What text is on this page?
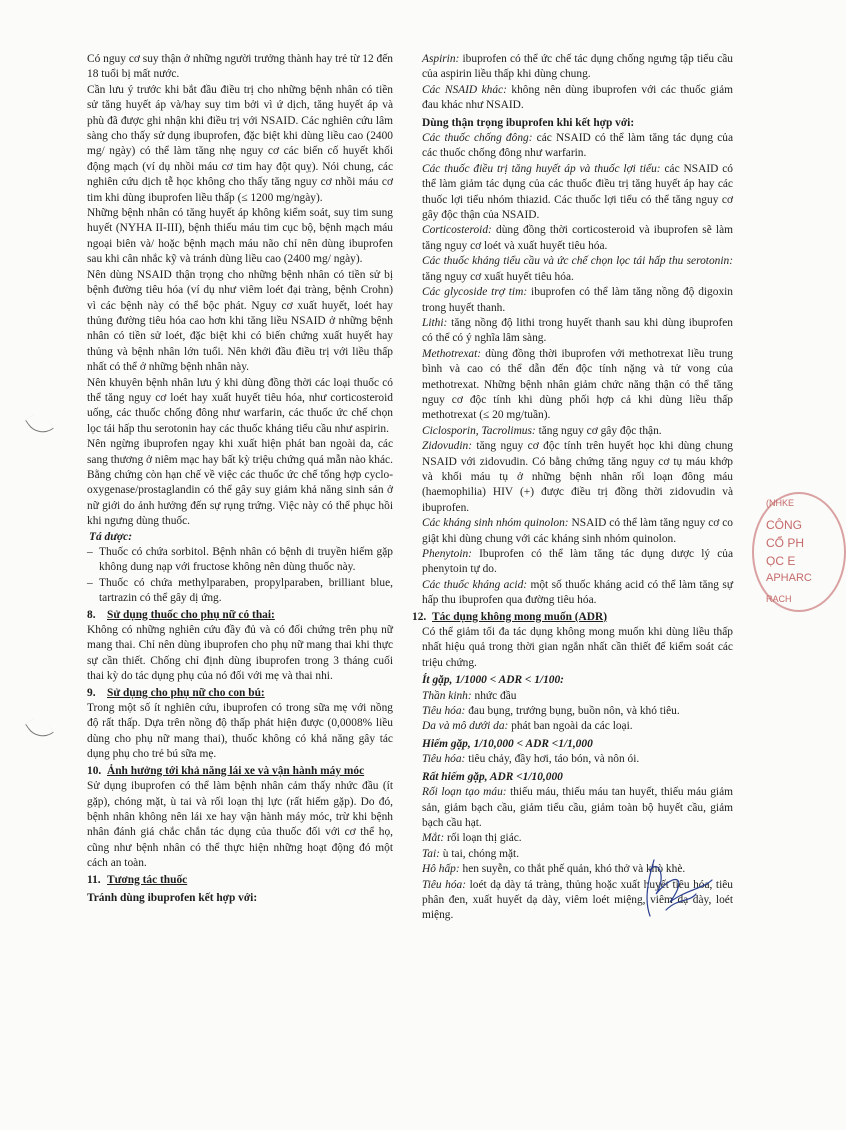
Có nguy cơ suy thận ở những người trưởng thành hay trẻ từ 12 đến 18 tuổi bị mất nước.

Cần lưu ý trước khi bắt đầu điều trị cho những bệnh nhân có tiền sử tăng huyết áp và/hay suy tim bởi vì ứ dịch, tăng huyết áp và phù đã được ghi nhận khi điều trị với NSAID. Các nghiên cứu lâm sàng cho thấy sử dụng ibuprofen, đặc biệt khi dùng liều cao (2400 mg/ ngày) có thể làm tăng nhẹ nguy cơ các biến cố huyết khối động mạch (ví dụ nhồi máu cơ tim hay đột quỵ). Nói chung, các nghiên cứu dịch tễ học không cho thấy tăng nguy cơ nhồi máu cơ tim khi dùng ibuprofen liều thấp (≤ 1200 mg/ngày).

Những bệnh nhân có tăng huyết áp không kiểm soát, suy tim sung huyết (NYHA II-III), bệnh thiếu máu tim cục bộ, bệnh mạch máu ngoại biên và/ hoặc bệnh mạch máu não chỉ nên dùng ibuprofen sau khi cân nhắc kỹ và tránh dùng liều cao (2400 mg/ ngày).

Nên dùng NSAID thận trọng cho những bệnh nhân có tiền sử bị bệnh đường tiêu hóa (ví dụ như viêm loét đại tràng, bệnh Crohn) vì các bệnh này có thể bộc phát. Nguy cơ xuất huyết, loét hay thủng đường tiêu hóa cao hơn khi tăng liều NSAID ở những bệnh nhân có tiền sử loét, đặc biệt khi có biến chứng xuất huyết hay thủng và bệnh nhân lớn tuổi. Nên khởi đầu điều trị với liều thấp nhất có thể ở những bệnh nhân này.

Nên khuyên bệnh nhân lưu ý khi dùng đồng thời các loại thuốc có thể tăng nguy cơ loét hay xuất huyết tiêu hóa, như corticosteroid uống, các thuốc chống đông như warfarin, các thuốc ức chế chọn lọc tái hấp thu serotonin hay các thuốc kháng tiểu cầu như aspirin.

Nên ngừng ibuprofen ngay khi xuất hiện phát ban ngoài da, các sang thương ở niêm mạc hay bất kỳ triệu chứng quá mẫn nào khác.

Bằng chứng còn hạn chế về việc các thuốc ức chế tổng hợp cyclo-oxygenase/prostaglandin có thể gây suy giảm khả năng sinh sản ở nữ giới do ảnh hưởng đến sự rụng trứng. Việc này có thể phục hồi khi ngưng dùng thuốc.

Tá dược:

– Thuốc có chứa sorbitol. Bệnh nhân có bệnh di truyền hiếm gặp không dung nạp với fructose không nên dùng thuốc này.

– Thuốc có chứa methylparaben, propylparaben, brilliant blue, tartrazin có thể gây dị ứng.

8. Sử dụng thuốc cho phụ nữ có thai:

Không có những nghiên cứu đầy đủ và có đối chứng trên phụ nữ mang thai. Chỉ nên dùng ibuprofen cho phụ nữ mang thai khi thực sự cần thiết. Chống chỉ định dùng ibuprofen trong 3 tháng cuối thai kỳ do tác dụng phụ của nó đối với mẹ và thai nhi.

9. Sử dụng cho phụ nữ cho con bú:

Trong một số ít nghiên cứu, ibuprofen có trong sữa mẹ với nồng độ rất thấp. Dựa trên nồng độ thấp phát hiện được (0,0008% liều dùng cho phụ nữ mang thai), thuốc không có khả năng gây tác dụng phụ cho trẻ bú sữa mẹ.

10. Ảnh hưởng tới khả năng lái xe và vận hành máy móc

Sử dụng ibuprofen có thể làm bệnh nhân cảm thấy nhức đầu (ít gặp), chóng mặt, ù tai và rối loạn thị lực (rất hiếm gặp). Do đó, bệnh nhân không nên lái xe hay vận hành máy móc, trừ khi bệnh nhân đánh giá chắc chắn tác dụng của thuốc đối với cơ thể họ, cũng như bệnh nhân có thể thực hiện những hoạt động đó một cách an toàn.

11. Tương tác thuốc

Tránh dùng ibuprofen kết hợp với:

Aspirin: ibuprofen có thể ức chế tác dụng chống ngưng tập tiểu cầu của aspirin liều thấp khi dùng chung.

Các NSAID khác: không nên dùng ibuprofen với các thuốc giảm đau khác như NSAID.

Dùng thận trọng ibuprofen khi kết hợp với:

Các thuốc chống đông: các NSAID có thể làm tăng tác dụng của các thuốc chống đông như warfarin.

Các thuốc điều trị tăng huyết áp và thuốc lợi tiểu: các NSAID có thể làm giảm tác dụng của các thuốc điều trị tăng huyết áp hay các thuốc lợi tiểu nhóm thiazid. Các thuốc lợi tiểu có thể tăng nguy cơ gây độc thận của NSAID.

Corticosteroid: dùng đồng thời corticosteroid và ibuprofen sẽ làm tăng nguy cơ loét và xuất huyết tiêu hóa.

Các thuốc kháng tiểu cầu và ức chế chọn lọc tái hấp thu serotonin: tăng nguy cơ xuất huyết tiêu hóa.

Các glycoside trợ tim: ibuprofen có thể làm tăng nồng độ digoxin trong huyết thanh.

Lithi: tăng nồng độ lithi trong huyết thanh sau khi dùng ibuprofen có thể có ý nghĩa lâm sàng.

Methotrexat: dùng đồng thời ibuprofen với methotrexat liều trung bình và cao có thể dẫn đến độc tính nặng và tử vong của methotrexat. Những bệnh nhân giảm chức năng thận có thể tăng nguy cơ độc tính khi dùng phối hợp cả khi dùng liều thấp methotrexat (≤ 20 mg/tuần).

Ciclosporin, Tacrolimus: tăng nguy cơ gây độc thận.

Zidovudin: tăng nguy cơ độc tính trên huyết học khi dùng chung NSAID với zidovudin. Có bằng chứng tăng nguy cơ tụ máu khớp và khối máu tụ ở những bệnh nhân rối loạn đông máu (haemophilia) HIV (+) được điều trị đồng thời zidovudin và ibuprofen.

Các kháng sinh nhóm quinolon: NSAID có thể làm tăng nguy cơ co giật khi dùng chung với các kháng sinh nhóm quinolon.

Phenytoin: Ibuprofen có thể làm tăng tác dụng dược lý của phenytoin tự do.

Các thuốc kháng acid: một số thuốc kháng acid có thể làm tăng sự hấp thu ibuprofen qua đường tiêu hóa.

12. Tác dụng không mong muốn (ADR)

Có thể giảm tối đa tác dụng không mong muốn khi dùng liều thấp nhất hiệu quả trong thời gian ngắn nhất cần thiết để kiểm soát các triệu chứng.

Ít gặp, 1/1000 < ADR < 1/100:

Thần kinh: nhức đầu

Tiêu hóa: đau bụng, trướng bụng, buồn nôn, và khó tiêu.

Da và mô dưới da: phát ban ngoài da các loại.

Hiếm gặp, 1/10,000 < ADR <1/1,000

Tiêu hóa: tiêu chảy, đầy hơi, táo bón, và nôn ói.

Rất hiếm gặp, ADR <1/10,000

Rối loạn tạo máu: thiếu máu, thiếu máu tan huyết, thiếu máu giảm sản, giảm bạch cầu, giảm tiểu cầu, giảm toàn bộ huyết cầu, giảm bạch cầu hạt.

Mắt: rối loạn thị giác.

Tai: ù tai, chóng mặt.

Hô hấp: hen suyễn, co thắt phế quản, khó thở và khò khè.

Tiêu hóa: loét dạ dày tá tràng, thủng hoặc xuất huyết tiêu hóa, tiêu phân đen, xuất huyết dạ dày, viêm loét miệng, viêm dạ dày, loét miệng.

(NHKE
CÔNG
CỔ PH
ỌC E
APHARC
RACH
